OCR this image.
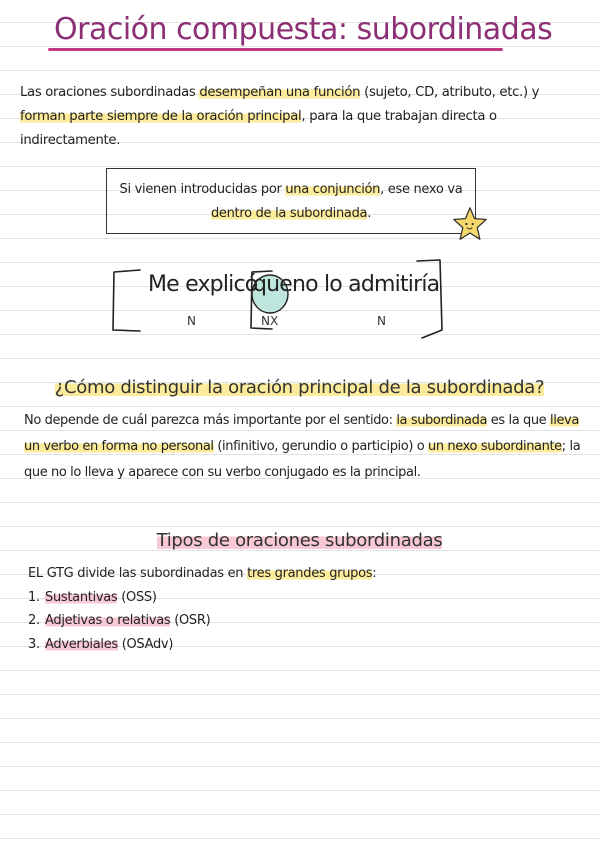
Oración compuesta: subordinadas
Las oraciones subordinadas desempeñan una función (sujeto, CD, atributo, etc.) y forman parte siempre de la oración principal, para la que trabajan directa o indirectamente.
Si vienen introducidas por una conjunción, ese nexo va dentro de la subordinada.
Me explicó
que no lo admitiría
N	NX	N
¿Cómo distinguir la oración principal de la subordinada?
No depende de cuál parezca más importante por el sentido: la subordinada es la que lleva un verbo en forma no personal (infinitivo, gerundio o participio) o un nexo subordinante; la que no lo lleva y aparece con su verbo conjugado es la principal.
Tipos de oraciones subordinadas
EL GTG divide las subordinadas en tres grandes grupos:
1. Sustantivas (OSS)
2. Adjetivas o relativas (OSR)
3. Adverbiales (OSAdv)
